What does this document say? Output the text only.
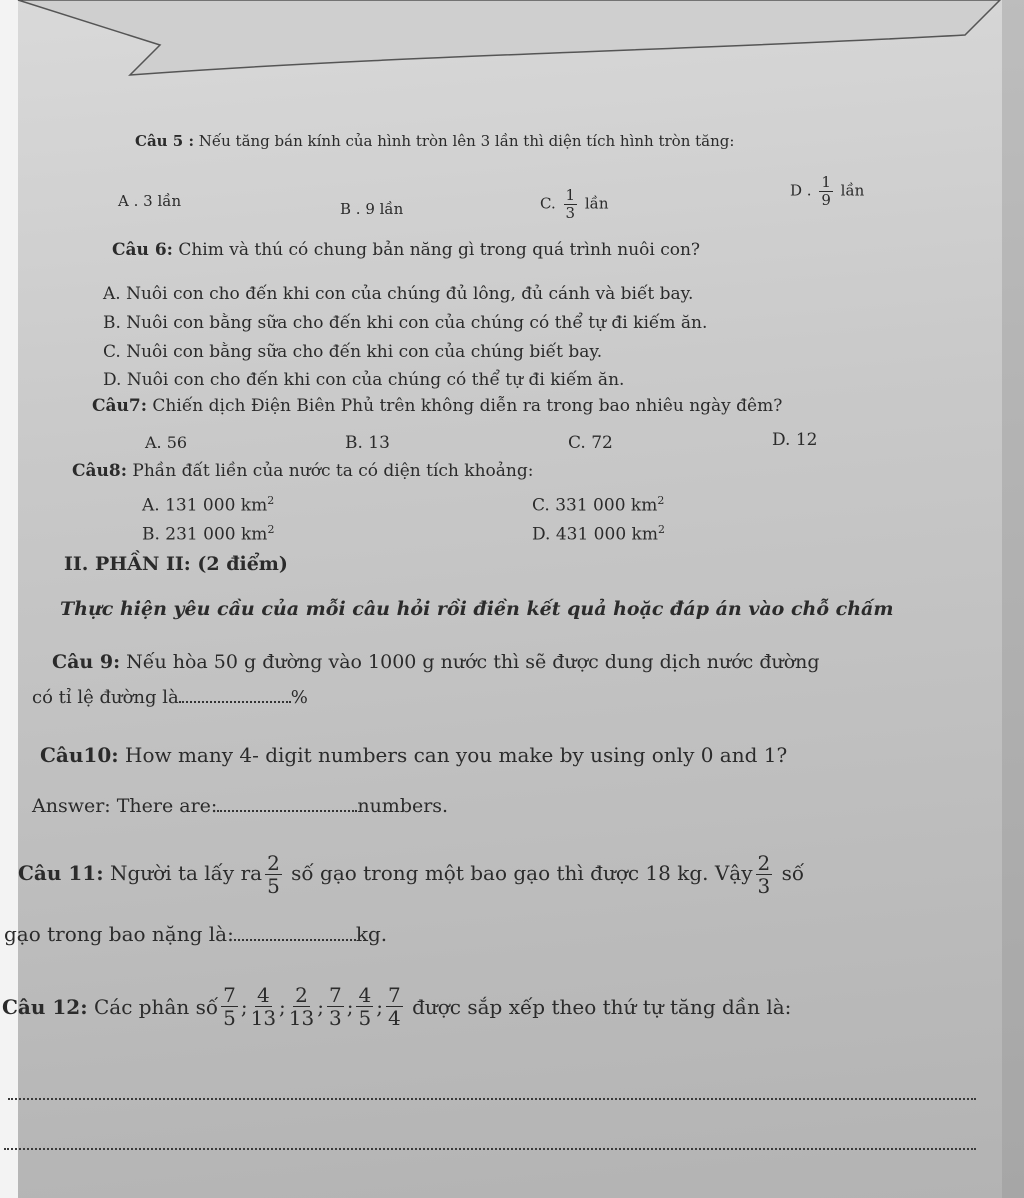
Câu 5 : Nếu tăng bán kính của hình tròn lên 3 lần thì diện tích hình tròn tăng:
A . 3 lần	B . 9 lần	C. $\frac{1}{3}$ lần
D . $\frac{1}{9}$ lần
Câu 6: Chim và thú có chung bản năng gì trong quá trình nuôi con?
A. Nuôi con cho đến khi con của chúng đủ lông, đủ cánh và biết bay.
B. Nuôi con bằng sữa cho đến khi con của chúng có thể tự đi kiếm ăn.
C. Nuôi con bằng sữa cho đến khi con của chúng biết bay.
D. Nuôi con cho đến khi con của chúng có thể tự đi kiếm ăn.
Câu7: Chiến dịch Điện Biên Phủ trên không diễn ra trong bao nhiêu ngày đêm?
A. 56	B. 13	C. 72	D. 12
Câu8: Phần đất liền của nước ta có diện tích khoảng:
A. 131 000 $km^2$	C. 331 000 $km^2$
B. 231 000 $km^2$	D. 431 000 $km^2$
II. PHẦN II: (2 điểm)
Thực hiện yêu cầu của mỗi câu hỏi rồi điền kết quả hoặc đáp án vào chỗ chấm
Câu 9: Nếu hòa 50 g đường vào 1000 g nước thì sẽ được dung dịch nước đường
có tỉ lệ đường là	%
Câu10: How many 4- digit numbers can you make by using only 0 and 1?
Answer: There are:	numbers.
Câu 11: Người ta lấy ra $\frac{2}{5}$ số gạo trong một bao gạo thì được 18 kg. Vậy $\frac{2}{3}$ số
gạo trong bao nặng là:	kg.
Câu 12:
Các phân số $\frac{7}{5}$ ; $\frac{4}{13}$ ; $\frac{2}{13}$ ; $\frac{7}{3}$ ; $\frac{4}{5}$ ; $\frac{7}{4}$
được sắp xếp theo thứ tự tăng dần là:
